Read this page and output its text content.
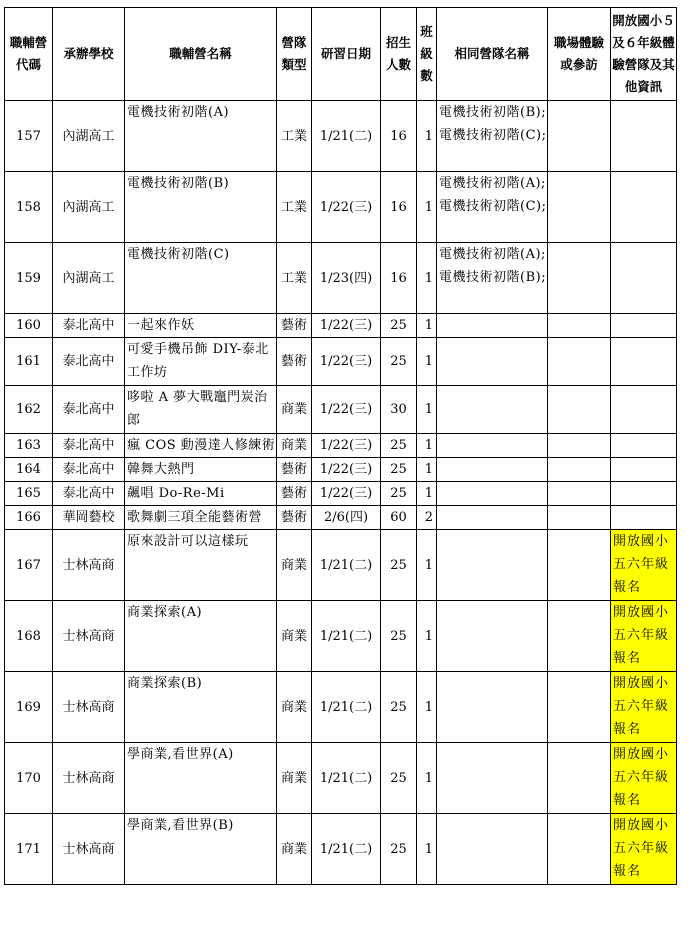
職輔營代碼	承辦學校	職輔營名稱	營隊類型	研習日期	招生人數	班級數	相同營隊名稱	職場體驗或參訪	開放國小５及６年級體驗營隊及其他資訊
157	內湖高工	電機技術初階(A)	工業	1/21(二)	16	1	電機技術初階(B);電機技術初階(C);		
158	內湖高工	電機技術初階(B)	工業	1/22(三)	16	1	電機技術初階(A);電機技術初階(C);		
159	內湖高工	電機技術初階(C)	工業	1/23(四)	16	1	電機技術初階(A);電機技術初階(B);		
160	泰北高中	一起來作妖	藝術	1/22(三)	25	1			
161	泰北高中	可愛手機吊飾 DIY-泰北工作坊	藝術	1/22(三)	25	1			
162	泰北高中	哆啦 A 夢大戰竈門炭治郎	商業	1/22(三)	30	1			
163	泰北高中	瘋 COS 動漫達人修練術	商業	1/22(三)	25	1			
164	泰北高中	韓舞大熱門	藝術	1/22(三)	25	1			
165	泰北高中	飆唱 Do-Re-Mi	藝術	1/22(三)	25	1			
166	華岡藝校	歌舞劇三項全能藝術營	藝術	2/6(四)	60	2			
167	士林高商	原來設計可以這樣玩	商業	1/21(二)	25	1			開放國小五六年級報名
168	士林高商	商業探索(A)	商業	1/21(二)	25	1			開放國小五六年級報名
169	士林高商	商業探索(B)	商業	1/21(二)	25	1			開放國小五六年級報名
170	士林高商	學商業,看世界(A)	商業	1/21(二)	25	1			開放國小五六年級報名
171	士林高商	學商業,看世界(B)	商業	1/21(二)	25	1			開放國小五六年級報名
